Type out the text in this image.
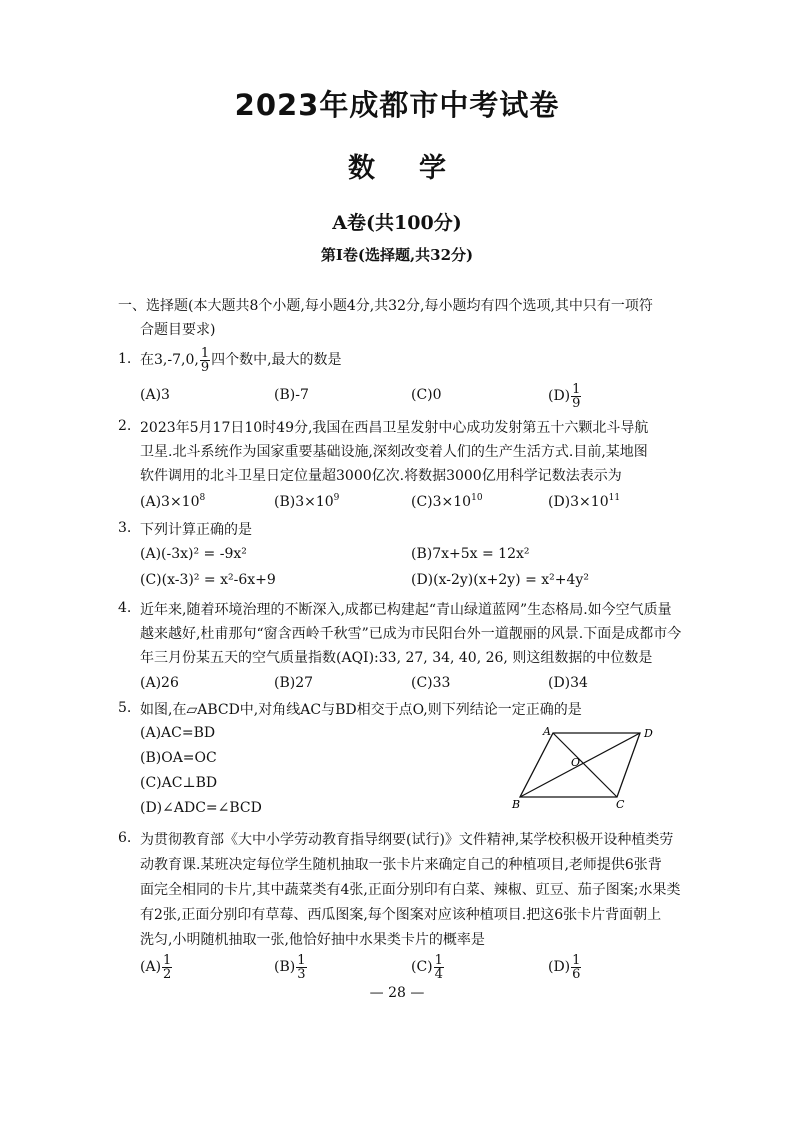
2023年成都市中考试卷
数学
A卷(共100分)
第Ⅰ卷(选择题,共32分)
一、选择题(本大题共8个小题,每小题4分,共32分,每小题均有四个选项,其中只有一项符
合题目要求)
1. 在3,-7,0, $\frac{1}{9}$ 四个数中,最大的数是
(A)3	(B)-7	(C)0	$(D) \frac{1}{9}$
2. 2023年5月17日10时49分,我国在西昌卫星发射中心成功发射第五十六颗北斗导航
卫星.北斗系统作为国家重要基础设施,深刻改变着人们的生产生活方式.目前,某地图
软件调用的北斗卫星日定位量超3000亿次.将数据3000亿用科学记数法表示为
$(A)3\times 10^8$	$(B)3\times 10^9$	$(C)3\times 10^{10}$	$(D)3\times 10^{11}$
3. 下列计算正确的是
(A)(-3x)² = -9x²	(B)7x+5x = 12x²
(C)(x-3)² = x²-6x+9	(D)(x-2y)(x+2y) = x²+4y²
4. 近年来,随着环境治理的不断深入,成都已构建起“青山绿道蓝网”生态格局.如今空气质量
越来越好,杜甫那句“窗含西岭千秋雪”已成为市民阳台外一道靓丽的风景.下面是成都市今
年三月份某五天的空气质量指数(AQI):33, 27, 34, 40, 26, 则这组数据的中位数是
(A)26	(B)27	(C)33	(D)34
5. 如图,在▱ABCD中,对角线AC与BD相交于点O,则下列结论一定正确的是
(A)AC=BD
(B)OA=OC
(C)AC⊥BD
(D)∠ADC=∠BCD
A	D
B	C
O
6. 为贯彻教育部《大中小学劳动教育指导纲要(试行)》文件精神,某学校积极开设种植类劳
动教育课.某班决定每位学生随机抽取一张卡片来确定自己的种植项目,老师提供6张背
面完全相同的卡片,其中蔬菜类有4张,正面分别印有白菜、辣椒、豇豆、茄子图案;水果类
有2张,正面分别印有草莓、西瓜图案,每个图案对应该种植项目.把这6张卡片背面朝上
洗匀,小明随机抽取一张,他恰好抽中水果类卡片的概率是
$(A) \frac{1}{2}$	$(B) \frac{1}{3}$	$(C) \frac{1}{4}$	$(D) \frac{1}{6}$
— 28 —
